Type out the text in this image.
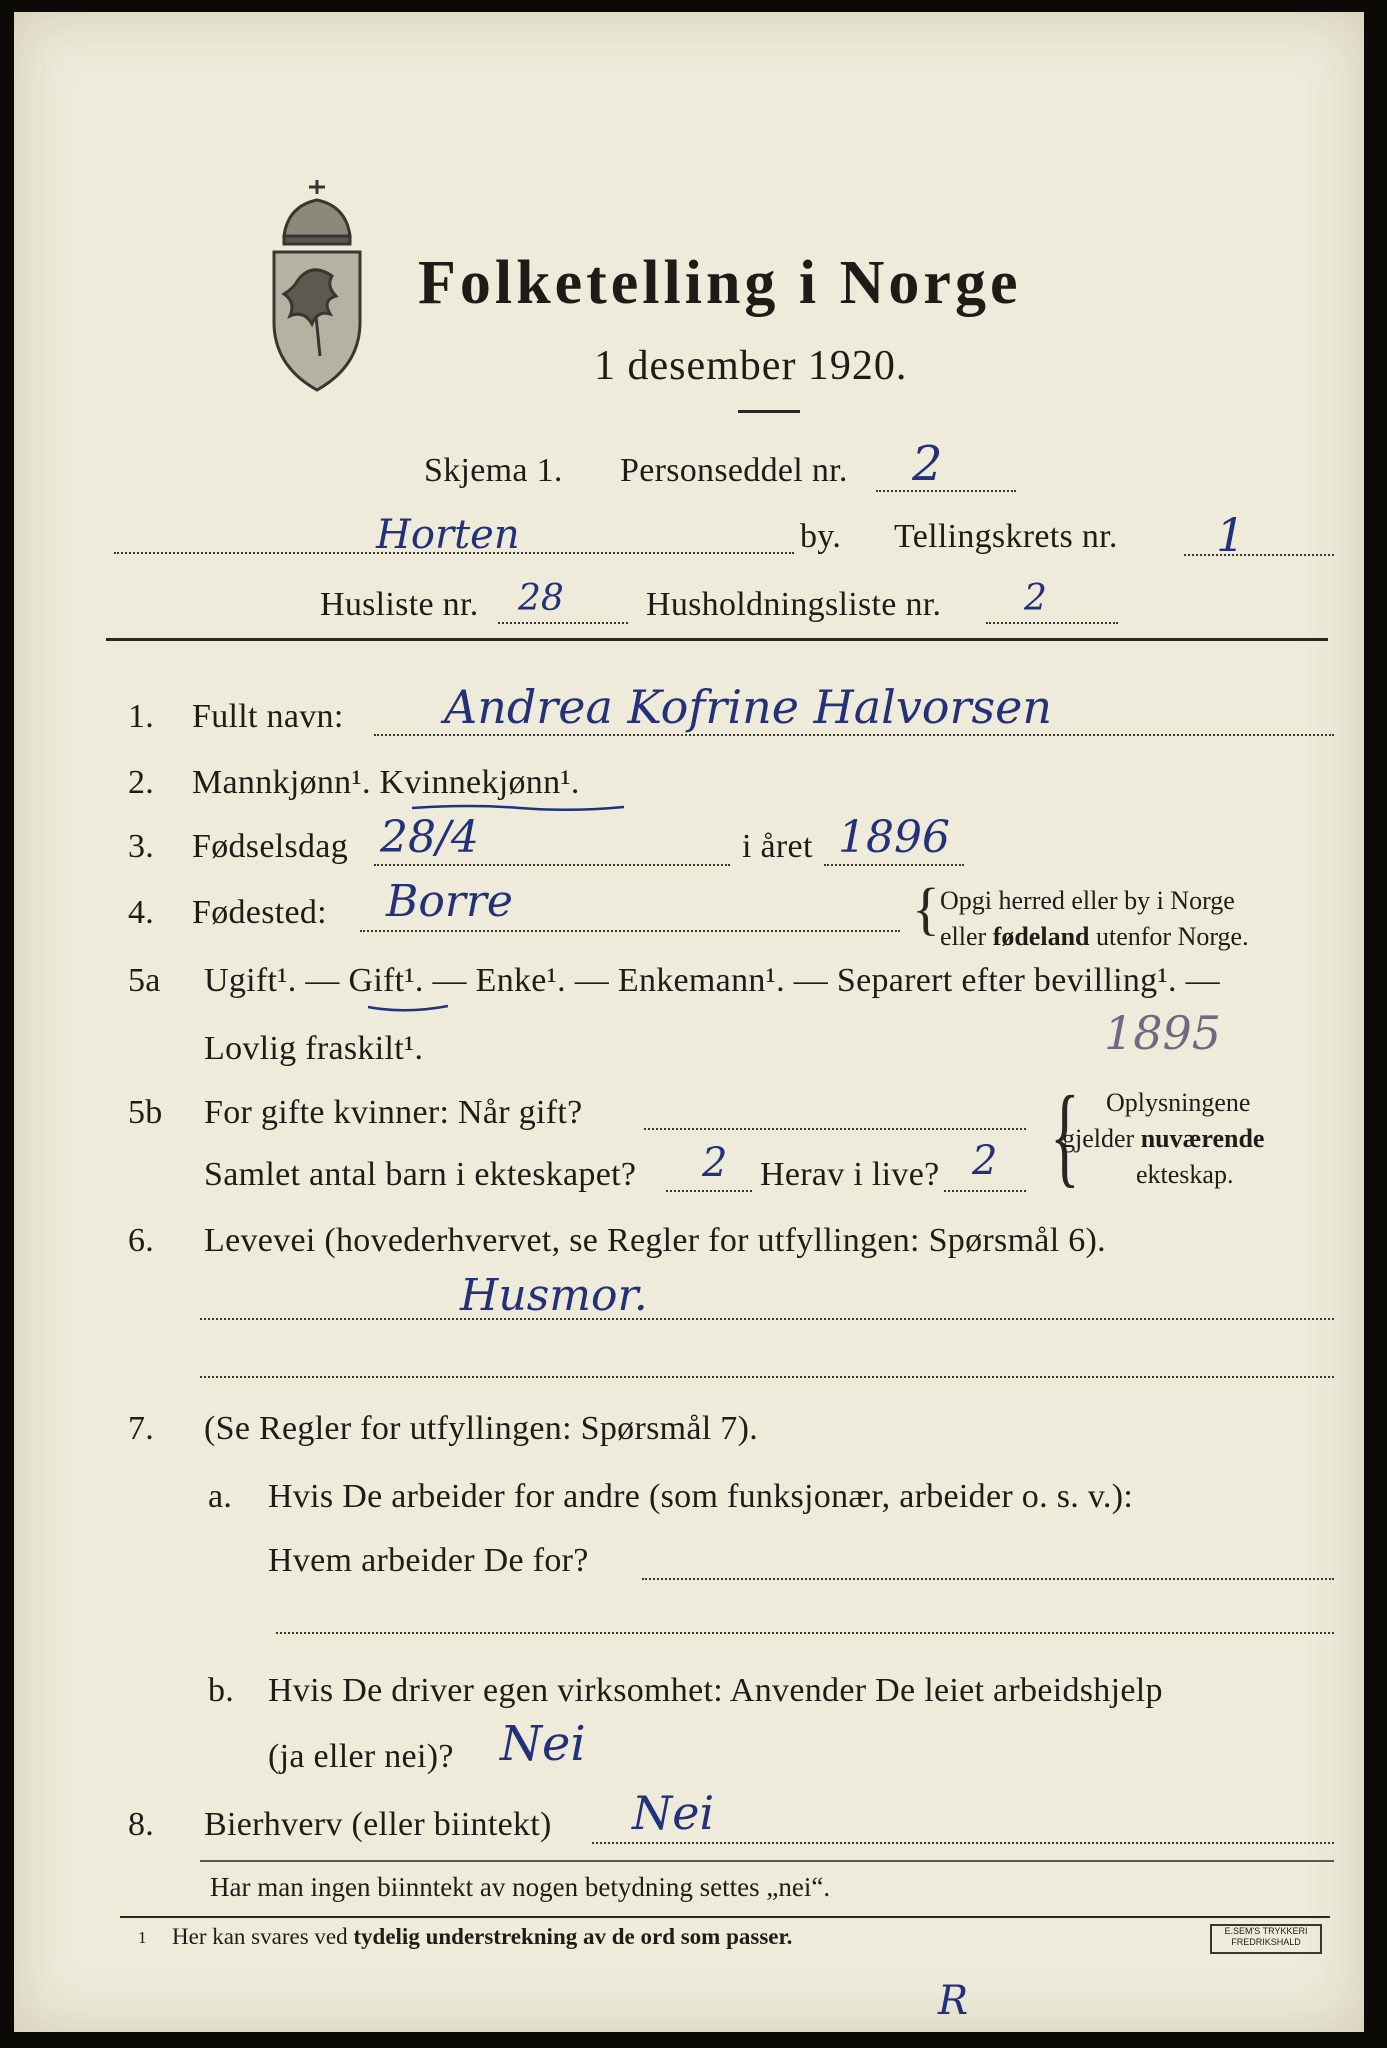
Folketelling i Norge
1 desember 1920.
Skjema 1. Personseddel nr. 2
Horten	by. Tellingskrets nr. 1
Husliste nr. 28 Husholdningsliste nr. 2
1. Fullt navn: Andrea Kofrine Halvorsen
2. Mannkjønn¹. Kvinnekjønn¹.
3. Fødselsdag 28/4	i året 1896
4. Fødested: Borre	{ Opgi herred eller by i Norge
eller fødeland utenfor Norge.
5a Ugift¹. — Gift¹. — Enke¹. — Enkemann¹. — Separert efter bevilling¹. —
Lovlig fraskilt¹.	1895
5b For gifte kvinner: Når gift?
Samlet antal barn i ekteskapet? 2 Herav i live? 2 { Oplysningene
gjelder nuværende
ekteskap.
6. Levevei (hovederhvervet, se Regler for utfyllingen: Spørsmål 6).
Husmor.
7. (Se Regler for utfyllingen: Spørsmål 7).
a. Hvis De arbeider for andre (som funksjonær, arbeider o. s. v.):
Hvem arbeider De for?
b. Hvis De driver egen virksomhet: Anvender De leiet arbeidshjelp
(ja eller nei)? Nei
8. Bierhverv (eller biintekt) Nei
Har man ingen biinntekt av nogen betydning settes „nei“.
1 Her kan svares ved tydelig understrekning av de ord som passer.	E.SEM'S TRYKKERI
FREDRIKSHALD
R
